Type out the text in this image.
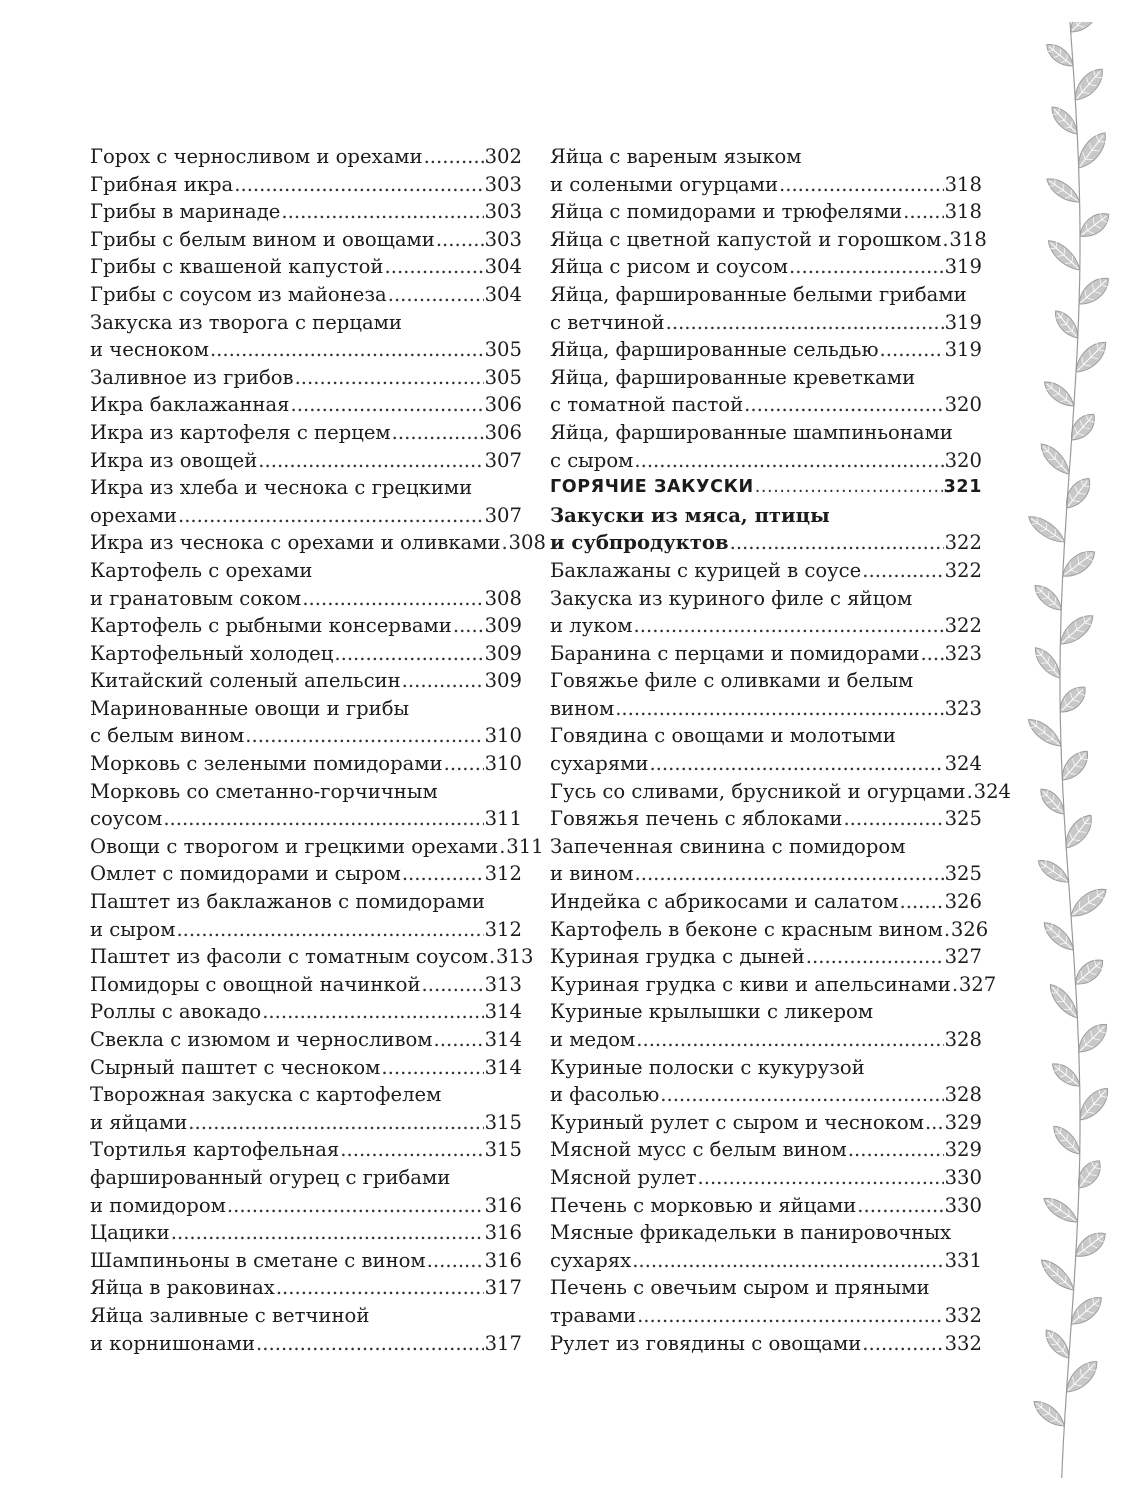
Горох с черносливом и орехами .....	302
Грибная икра .....	303
Грибы в маринаде .....	303
Грибы с белым вином и овощами .....	303
Грибы с квашеной капустой .....	304
Грибы с соусом из майонеза .....	304
Закуска из творога с перцами
и чесноком .....	305
Заливное из грибов .....	305
Икра баклажанная .....	306
Икра из картофеля с перцем .....	306
Икра из овощей .....	307
Икра из хлеба и чеснока с грецкими
орехами .....	307
Икра из чеснока с орехами и оливками ..... 308
Картофель с орехами
и гранатовым соком .....	308
Картофель с рыбными консервами ..... 309
Картофельный холодец .....	309
Китайский соленый апельсин .....	309
Маринованные овощи и грибы
с белым вином .....	310
Морковь с зелеными помидорами ..... 310
Морковь со сметанно-горчичным
соусом .....	311
Овощи с творогом и грецкими орехами ..... 311
Омлет с помидорами и сыром .....	312
Паштет из баклажанов с помидорами
и сыром .....	312
Паштет из фасоли с томатным соусом ..... 313
Помидоры с овощной начинкой .....	313
Роллы с авокадо .....	314
Свекла с изюмом и черносливом .....	314
Сырный паштет с чесноком .....	314
Творожная закуска с картофелем
и яйцами .....	315
Тортилья картофельная .....	315
фаршированный огурец с грибами
и помидором .....	316
Цацики .....	316
Шампиньоны в сметане с вином .....	316
Яйца в раковинах .....	317
Яйца заливные с ветчиной
и корнишонами .....	317
Яйца с вареным языком
и солеными огурцами .....	318
Яйца с помидорами и трюфелями ..... 318
Яйца с цветной капустой и горошком ..... 318
Яйца с рисом и соусом .....	319
Яйца, фаршированные белыми грибами
с ветчиной .....	319
Яйца, фаршированные сельдью .....	319
Яйца, фаршированные креветками
с томатной пастой .....	320
Яйца, фаршированные шампиньонами
с сыром .....	320
ГОРЯЧИЕ ЗАКУСКИ .....	321
Закуски из мяса, птицы
и субпродуктов .....	322
Баклажаны с курицей в соусе .....	322
Закуска из куриного филе с яйцом
и луком .....	322
Баранина с перцами и помидорами ..... 323
Говяжье филе с оливками и белым
вином .....	323
Говядина с овощами и молотыми
сухарями .....	324
Гусь со сливами, брусникой и огурцами ..... 324
Говяжья печень с яблоками .....	325
Запеченная свинина с помидором
и вином .....	325
Индейка с абрикосами и салатом ..... 326
Картофель в беконе с красным вином ..... 326
Куриная грудка с дыней .....	327
Куриная грудка с киви и апельсинами ..... 327
Куриные крылышки с ликером
и медом .....	328
Куриные полоски с кукурузой
и фасолью .....	328
Куриный рулет с сыром и чесноком ..... 329
Мясной мусс с белым вином .....	329
Мясной рулет .....	330
Печень с морковью и яйцами .....	330
Мясные фрикадельки в панировочных
сухарях .....	331
Печень с овечьим сыром и пряными
травами .....	332
Рулет из говядины с овощами .....	332
